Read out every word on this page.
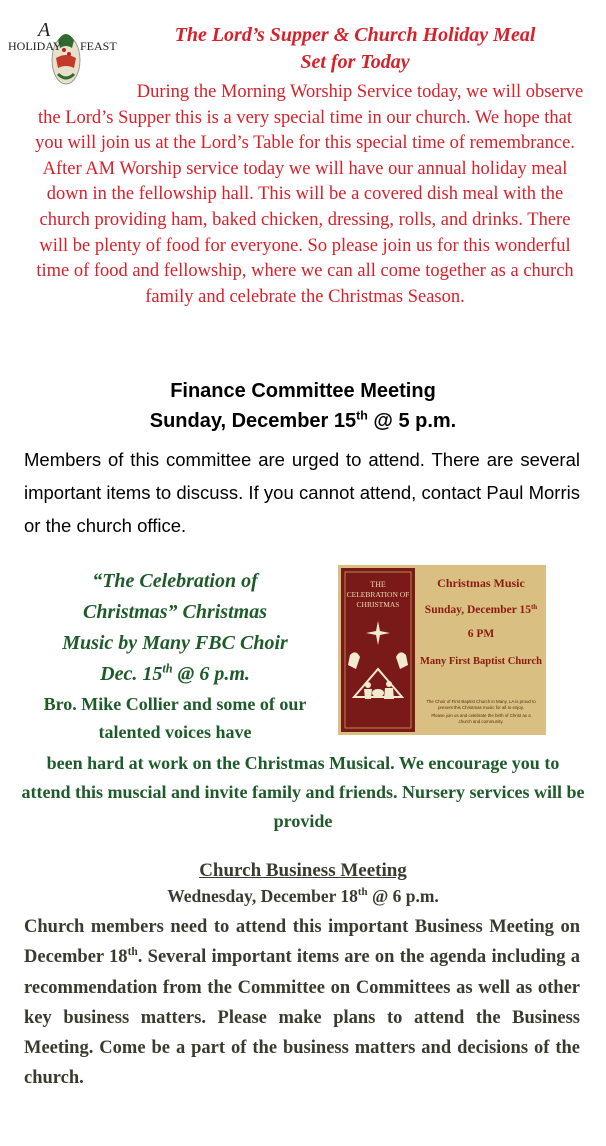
A
HOLIDAY FEAST	The Lord’s Supper & Church Holiday Meal
Set for Today
During the Morning Worship Service today, we will observe the Lord’s Supper this is a very special time in our church. We hope that you will join us at the Lord’s Table for this special time of remembrance. After AM Worship service today we will have our annual holiday meal down in the fellowship hall. This will be a covered dish meal with the church providing ham, baked chicken, dressing, rolls, and drinks. There will be plenty of food for everyone. So please join us for this wonderful time of food and fellowship, where we can all come together as a church family and celebrate the Christmas Season.
Finance Committee Meeting
Sunday, December 15th @ 5 p.m.
Members of this committee are urged to attend. There are several important items to discuss. If you cannot attend, contact Paul Morris or the church office.
“The Celebration of
Christmas” Christmas
Music by Many FBC Choir
Dec. 15th @ 6 p.m.
Bro. Mike Collier and some of our talented voices have
been hard at work on the Christmas Musical. We encourage you to attend this muscial and invite family and friends. Nursery services will be provide
THE
CELEBRATION OF
CHRISTMAS
Christmas Music
Sunday, December 15th
6 PM
Many First Baptist Church
The Choir of First Baptist Church in Many, LA is proud to
present this Christmas music for all to enjoy.
Please join us and celebrate the birth of Christ as a
church and community.
Church Business Meeting
Wednesday, December 18th @ 6 p.m.
Church members need to attend this important Business Meeting on December 18th. Several important items are on the agenda including a recommendation from the Committee on Committees as well as other key business matters. Please make plans to attend the Business Meeting. Come be a part of the business matters and decisions of the church.
